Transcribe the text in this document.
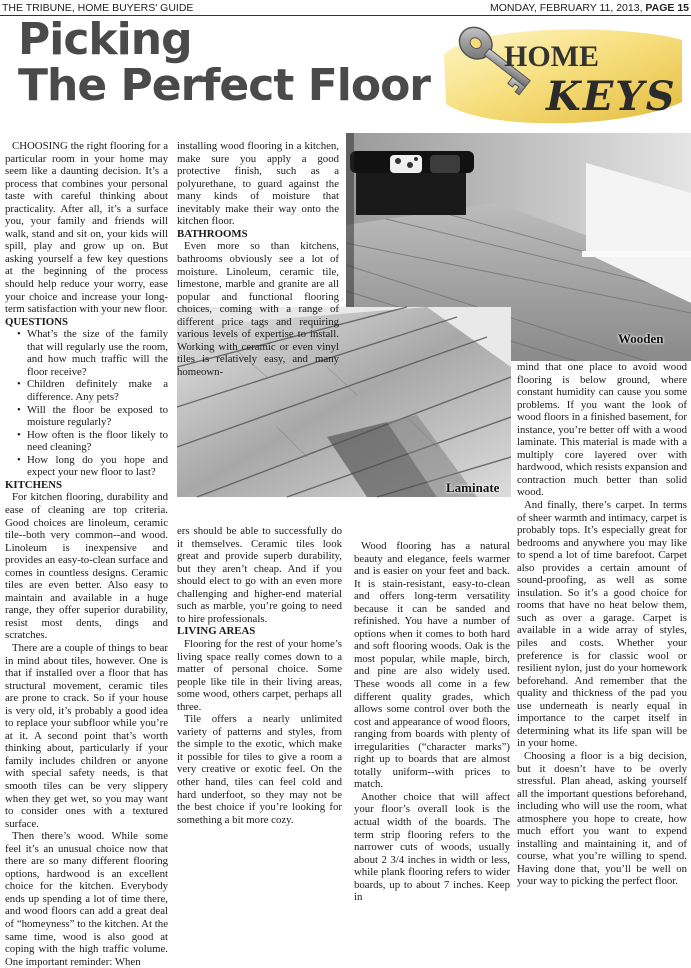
THE TRIBUNE, HOME BUYERS' GUIDE	MONDAY, FEBRUARY 11, 2013, PAGE 15
Picking
The Perfect Floor
HOME
KEYS
Wooden
Laminate

CHOOSING the right flooring for a particular room in your home may seem like a daunting decision. It’s a process that combines your personal taste with careful thinking about practicality. After all, it’s a surface you, your family and friends will walk, stand and sit on, your kids will spill, play and grow up on. But asking yourself a few key questions at the beginning of the process should help reduce your worry, ease your choice and increase your long-term satisfaction with your new floor.

QUESTIONS
• What’s the size of the family that will regularly use the room, and how much traffic will the floor receive?
• Children definitely make a difference. Any pets?
• Will the floor be exposed to moisture regularly?
• How often is the floor likely to need cleaning?
• How long do you hope and expect your new floor to last?
KITCHENS

For kitchen flooring, durability and ease of cleaning are top criteria. Good choices are linoleum, ceramic tile--both very common--and wood. Linoleum is inexpensive and provides an easy-to-clean surface and comes in countless designs. Ceramic tiles are even better. Also easy to maintain and available in a huge range, they offer superior durability, resist most dents, dings and scratches.

There are a couple of things to bear in mind about tiles, however. One is that if installed over a floor that has structural movement, ceramic tiles are prone to crack. So if your house is very old, it’s probably a good idea to replace your subfloor while you’re at it. A second point that’s worth thinking about, particularly if your family includes children or anyone with special safety needs, is that smooth tiles can be very slippery when they get wet, so you may want to consider ones with a textured surface.

Then there’s wood. While some feel it’s an unusual choice now that there are so many different flooring options, hardwood is an excellent choice for the kitchen. Everybody ends up spending a lot of time there, and wood floors can add a great deal of “homeyness” to the kitchen. At the same time, wood is also good at coping with the high traffic volume. One important reminder: When

installing wood flooring in a kitchen, make sure you apply a good protective finish, such as a polyurethane, to guard against the many kinds of moisture that inevitably make their way onto the kitchen floor.

BATHROOMS

Even more so than kitchens, bathrooms obviously see a lot of moisture. Linoleum, ceramic tile, limestone, marble and granite are all popular and functional flooring choices, coming with a range of different price tags and requiring various levels of expertise to install. Working with ceramic or even vinyl tiles is relatively easy, and many homeown-

ers should be able to successfully do it themselves. Ceramic tiles look great and provide superb durability, but they aren’t cheap. And if you should elect to go with an even more challenging and higher-end material such as marble, you’re going to need to hire professionals.

LIVING AREAS

Flooring for the rest of your home’s living space really comes down to a matter of personal choice. Some people like tile in their living areas, some wood, others carpet, perhaps all three.

Tile offers a nearly unlimited variety of patterns and styles, from the simple to the exotic, which make it possible for tiles to give a room a very creative or exotic feel. On the other hand, tiles can feel cold and hard underfoot, so they may not be the best choice if you’re looking for something a bit more cozy.

Wood flooring has a natural beauty and elegance, feels warmer and is easier on your feet and back. It is stain-resistant, easy-to-clean and offers long-term versatility because it can be sanded and refinished. You have a number of options when it comes to both hard and soft flooring woods. Oak is the most popular, while maple, birch, and pine are also widely used. These woods all come in a few different quality grades, which allows some control over both the cost and appearance of wood floors, ranging from boards with plenty of irregularities (“character marks”) right up to boards that are almost totally uniform--with prices to match.

Another choice that will affect your floor’s overall look is the actual width of the boards. The term strip flooring refers to the narrower cuts of woods, usually about 2 3/4 inches in width or less, while plank flooring refers to wider boards, up to about 7 inches. Keep in

mind that one place to avoid wood flooring is below ground, where constant humidity can cause you some problems. If you want the look of wood floors in a finished basement, for instance, you’re better off with a wood laminate. This material is made with a multiply core layered over with hardwood, which resists expansion and contraction much better than solid wood.

And finally, there’s carpet. In terms of sheer warmth and intimacy, carpet is probably tops. It’s especially great for bedrooms and anywhere you may like to spend a lot of time barefoot. Carpet also provides a certain amount of sound-proofing, as well as some insulation. So it’s a good choice for rooms that have no heat below them, such as over a garage. Carpet is available in a wide array of styles, piles and costs. Whether your preference is for classic wool or resilient nylon, just do your homework beforehand. And remember that the quality and thickness of the pad you use underneath is nearly equal in importance to the carpet itself in determining what its life span will be in your home.

Choosing a floor is a big decision, but it doesn’t have to be overly stressful. Plan ahead, asking yourself all the important questions beforehand, including who will use the room, what atmosphere you hope to create, how much effort you want to expend installing and maintaining it, and of course, what you’re willing to spend. Having done that, you’ll be well on your way to picking the perfect floor.
